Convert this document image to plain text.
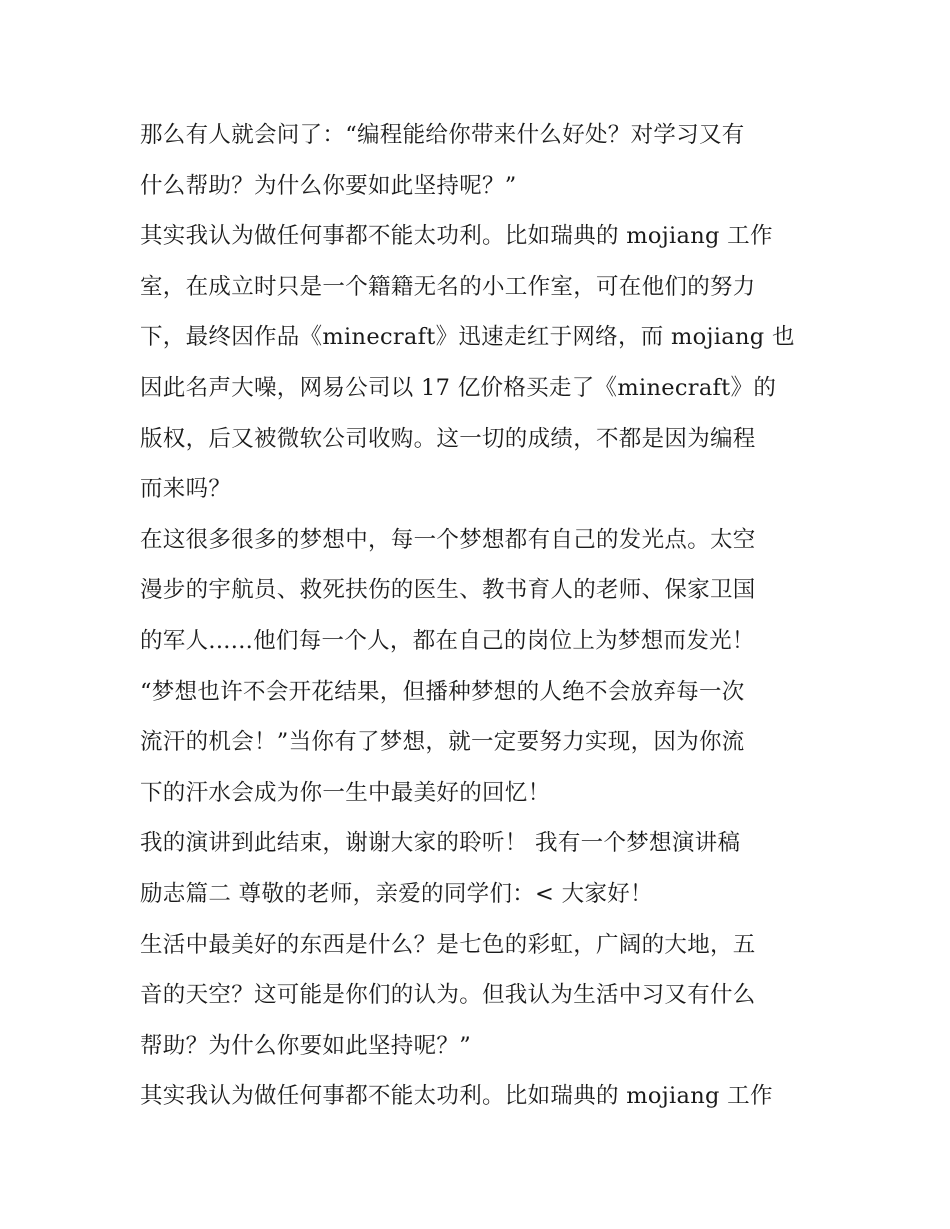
那么有人就会问了：“编程能给你带来什么好处？对学习又有
什么帮助？为什么你要如此坚持呢？”
其实我认为做任何事都不能太功利。比如瑞典的 mojiang 工作
室，在成立时只是一个籍籍无名的小工作室，可在他们的努力
下，最终因作品《minecraft》迅速走红于网络，而 mojiang 也
因此名声大噪，网易公司以 17 亿价格买走了《minecraft》的
版权，后又被微软公司收购。这一切的成绩，不都是因为编程
而来吗？
在这很多很多的梦想中，每一个梦想都有自己的发光点。太空
漫步的宇航员、救死扶伤的医生、教书育人的老师、保家卫国
的军人......他们每一个人，都在自己的岗位上为梦想而发光！
“梦想也许不会开花结果，但播种梦想的人绝不会放弃每一次
流汗的机会！”当你有了梦想，就一定要努力实现，因为你流
下的汗水会成为你一生中最美好的回忆！
我的演讲到此结束，谢谢大家的聆听！ 我有一个梦想演讲稿
励志篇二 尊敬的老师，亲爱的同学们：< 大家好！
生活中最美好的东西是什么？是七色的彩虹，广阔的大地，五
音的天空？这可能是你们的认为。但我认为生活中习又有什么
帮助？为什么你要如此坚持呢？”
其实我认为做任何事都不能太功利。比如瑞典的 mojiang 工作
